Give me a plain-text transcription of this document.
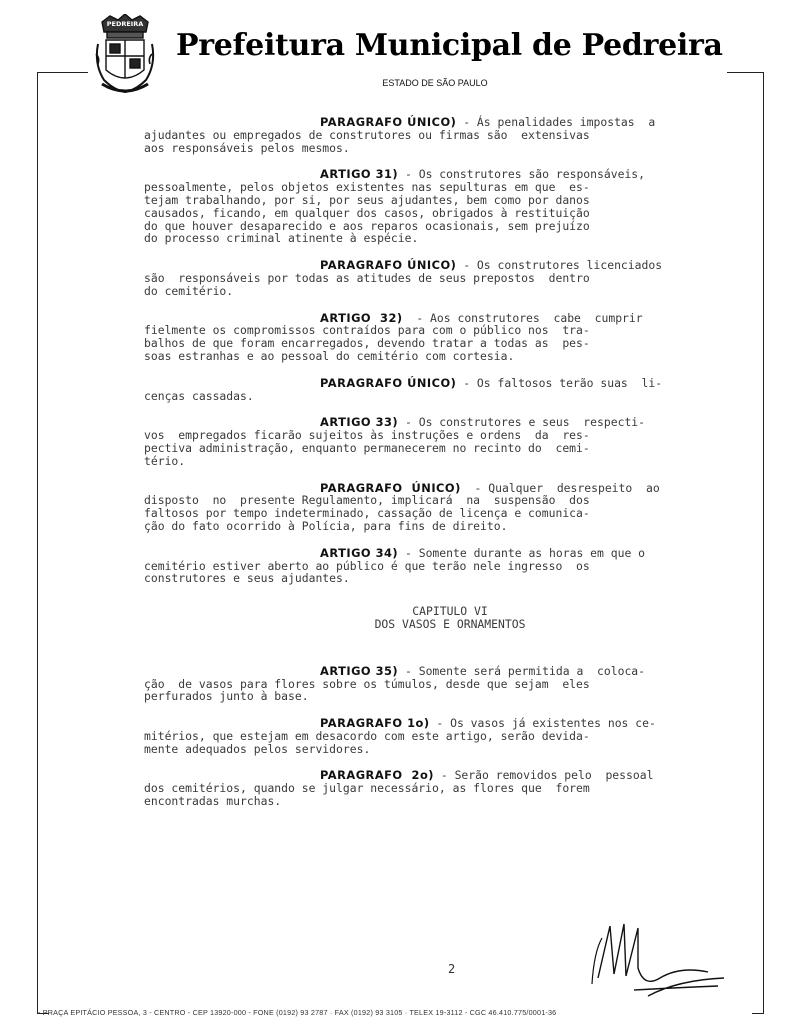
PEDREIRA
Prefeitura Municipal de Pedreira
ESTADO DE SÃO PAULO
PARAGRAFO ÚNICO) - Ás penalidades impostas  a
ajudantes ou empregados de construtores ou firmas são  extensivas
aos responsáveis pelos mesmos.
ARTIGO 31) - Os construtores são responsáveis,
pessoalmente, pelos objetos existentes nas sepulturas em que  es-
tejam trabalhando, por si, por seus ajudantes, bem como por danos
causados, ficando, em qualquer dos casos, obrigados à restituição
do que houver desaparecido e aos reparos ocasionais, sem prejuízo
do processo criminal atinente à espécie.
PARAGRAFO ÚNICO) - Os construtores licenciados
são  responsáveis por todas as atitudes de seus prepostos  dentro
do cemitério.
ARTIGO  32)  - Aos construtores  cabe  cumprir
fielmente os compromissos contraídos para com o público nos  tra-
balhos de que foram encarregados, devendo tratar a todas as  pes-
soas estranhas e ao pessoal do cemitério com cortesia.
PARAGRAFO ÚNICO) - Os faltosos terão suas  li-
cenças cassadas.
ARTIGO 33) - Os construtores e seus  respecti-
vos  empregados ficarão sujeitos às instruções e ordens  da  res-
pectiva administração, enquanto permanecerem no recinto do  cemi-
tério.
PARAGRAFO  ÚNICO)  - Qualquer  desrespeito  ao
disposto  no  presente Regulamento, implicará  na  suspensão  dos
faltosos por tempo indeterminado, cassação de licença e comunica-
ção do fato ocorrido à Polícia, para fins de direito.
ARTIGO 34) - Somente durante as horas em que o
cemitério estiver aberto ao público é que terão nele ingresso  os
construtores e seus ajudantes.
CAPITULO VI
DOS VASOS E ORNAMENTOS
ARTIGO 35) - Somente será permitida a  coloca-
ção  de vasos para flores sobre os túmulos, desde que sejam  eles
perfurados junto à base.
PARAGRAFO 1o) - Os vasos já existentes nos ce-
mitérios, que estejam em desacordo com este artigo, serão devida-
mente adequados pelos servidores.
PARAGRAFO  2o) - Serão removidos pelo  pessoal
dos cemitérios, quando se julgar necessário, as flores que  forem
encontradas murchas.
2
- PRAÇA EPITÁCIO PESSOA, 3 - CENTRO - CEP 13920-000 - FONE (0192) 93 2787 · FAX (0192) 93 3105 · TELEX 19-3112 - CGC 46.410.775/0001-36
